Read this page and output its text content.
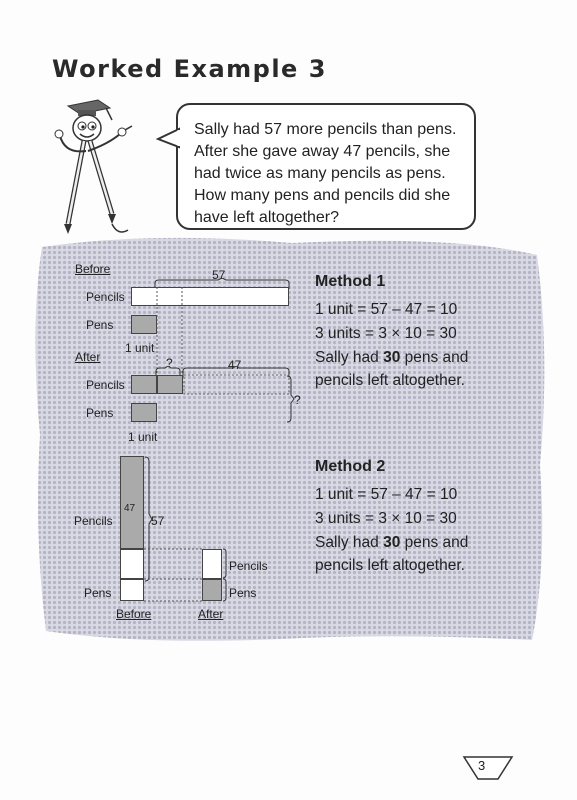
Worked Example 3
Sally had 57 more pencils than pens.
After she gave away 47 pencils, she
had twice as many pencils as pens.
How many pens and pencils did she
have left altogether?
Before	57
Pencils
Pens
1 unit
After	?	47
Pencils
Pens
?
1 unit
Pencils
47
57
Pens
Pencils
Pens
Before	After
Method 1
1 unit = 57 – 47 = 10
3 units = 3 × 10 = 30
Sally had 30 pens and
pencils left altogether.
Method 2
1 unit = 57 – 47 = 10
3 units = 3 × 10 = 30
Sally had 30 pens and
pencils left altogether.
3
